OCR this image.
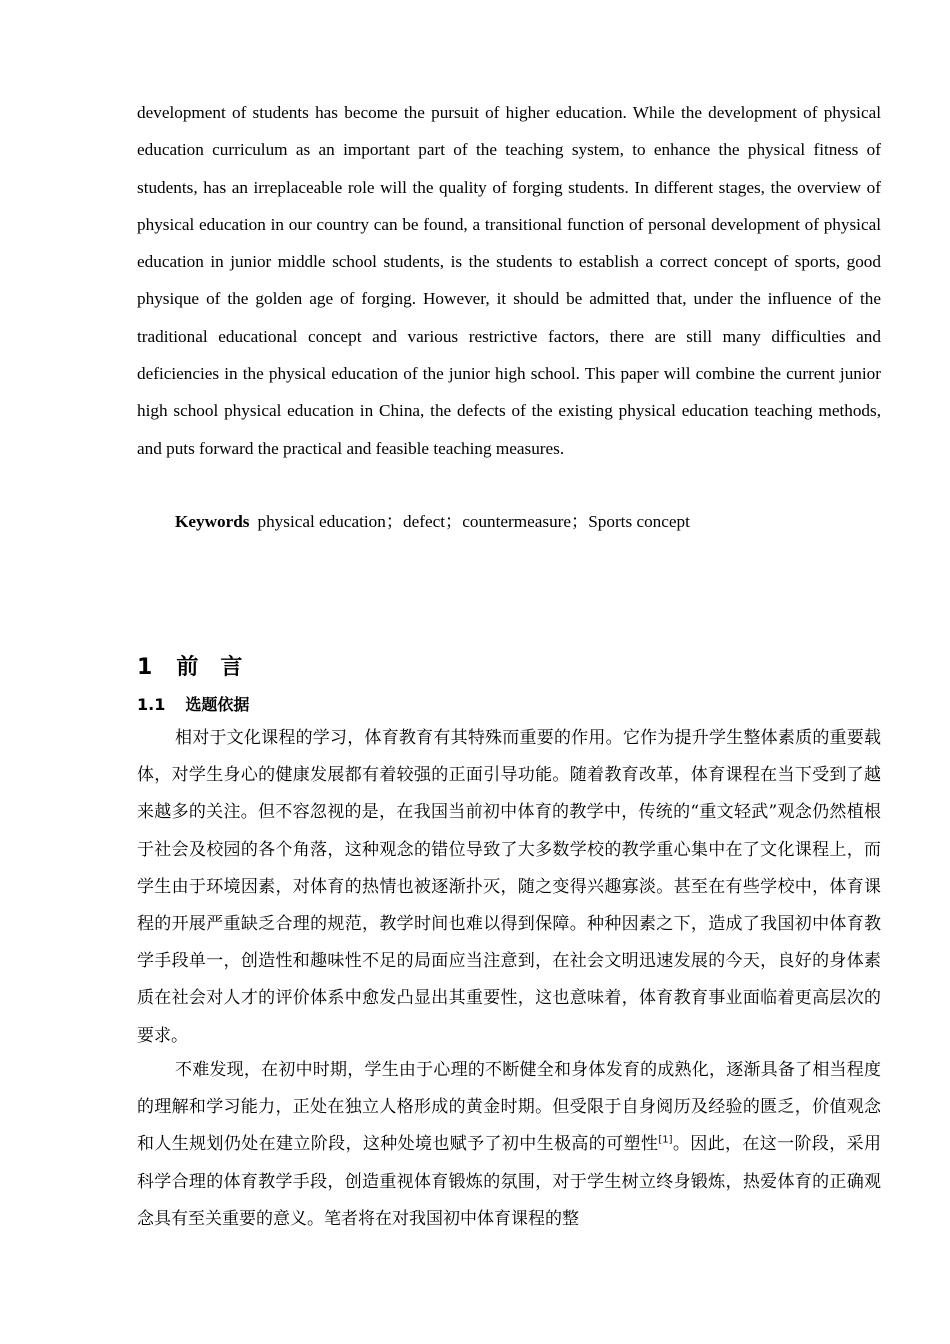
development of students has become the pursuit of higher education. While the development of physical education curriculum as an important part of the teaching system, to enhance the physical fitness of students, has an irreplaceable role will the quality of forging students. In different stages, the overview of physical education in our country can be found, a transitional function of personal development of physical education in junior middle school students, is the students to establish a correct concept of sports, good physique of the golden age of forging. However, it should be admitted that, under the influence of the traditional educational concept and various restrictive factors, there are still many difficulties and deficiencies in the physical education of the junior high school. This paper will combine the current junior high school physical education in China, the defects of the existing physical education teaching methods, and puts forward the practical and feasible teaching measures.

Keywords physical education；defect；countermeasure；Sports concept

1 前言
1.1 选题依据

相对于文化课程的学习，体育教育有其特殊而重要的作用。它作为提升学生整体素质的重要载体，对学生身心的健康发展都有着较强的正面引导功能。随着教育改革，体育课程在当下受到了越来越多的关注。但不容忽视的是，在我国当前初中体育的教学中，传统的“重文轻武”观念仍然植根于社会及校园的各个角落，这种观念的错位导致了大多数学校的教学重心集中在了文化课程上，而学生由于环境因素，对体育的热情也被逐渐扑灭，随之变得兴趣寡淡。甚至在有些学校中，体育课程的开展严重缺乏合理的规范，教学时间也难以得到保障。种种因素之下，造成了我国初中体育教学手段单一，创造性和趣味性不足的局面应当注意到，在社会文明迅速发展的今天，良好的身体素质在社会对人才的评价体系中愈发凸显出其重要性，这也意味着，体育教育事业面临着更高层次的要求。

不难发现，在初中时期，学生由于心理的不断健全和身体发育的成熟化，逐渐具备了相当程度的理解和学习能力，正处在独立人格形成的黄金时期。但受限于自身阅历及经验的匮乏，价值观念和人生规划仍处在建立阶段，这种处境也赋予了初中生极高的可塑性[1]。因此，在这一阶段，采用科学合理的体育教学手段，创造重视体育锻炼的氛围，对于学生树立终身锻炼，热爱体育的正确观念具有至关重要的意义。笔者将在对我国初中体育课程的整
